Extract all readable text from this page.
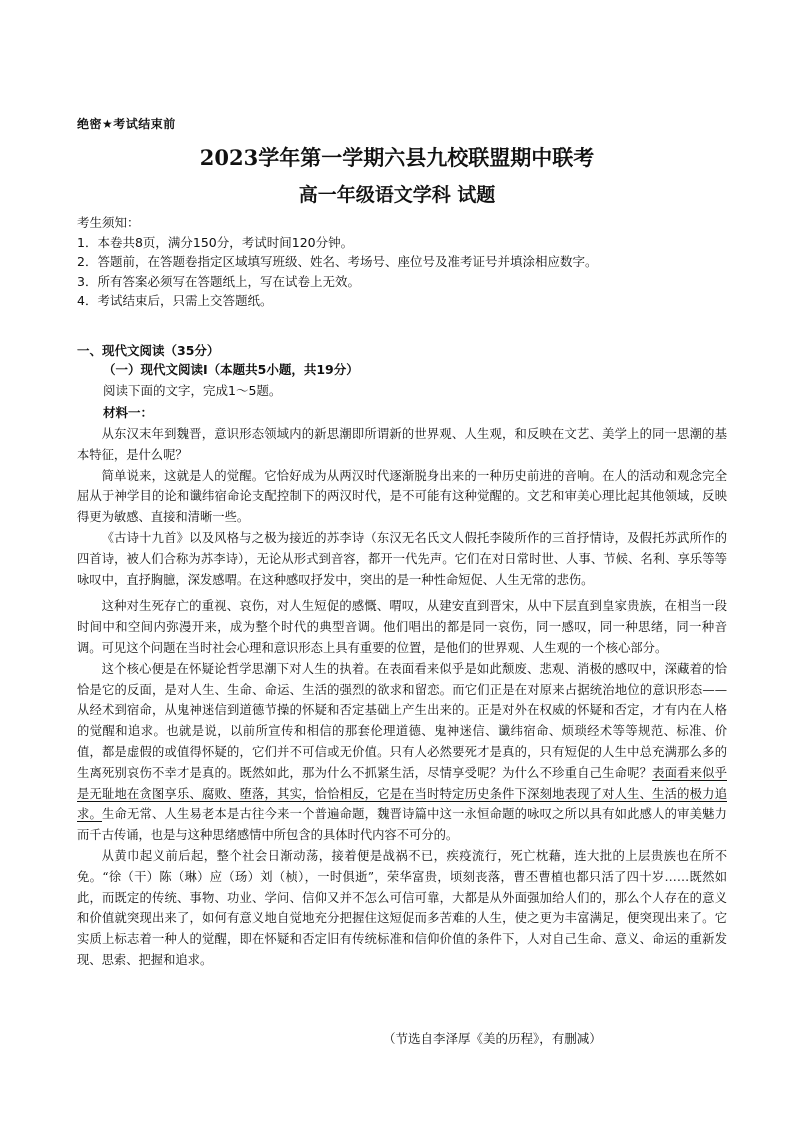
绝密★考试结束前
2023学年第一学期六县九校联盟期中联考
高一年级语文学科 试题
考生须知：
1．本卷共8页，满分150分，考试时间120分钟。
2．答题前，在答题卷指定区域填写班级、姓名、考场号、座位号及准考证号并填涂相应数字。
3．所有答案必须写在答题纸上，写在试卷上无效。
4．考试结束后，只需上交答题纸。
一、现代文阅读（35分）
（一）现代文阅读Ⅰ（本题共5小题，共19分）
阅读下面的文字，完成1～5题。
材料一：

从东汉末年到魏晋，意识形态领域内的新思潮即所谓新的世界观、人生观，和反映在文艺、美学上的同一思潮的基本特征，是什么呢？

简单说来，这就是人的觉醒。它恰好成为从两汉时代逐渐脱身出来的一种历史前进的音响。在人的活动和观念完全屈从于神学目的论和谶纬宿命论支配控制下的两汉时代，是不可能有这种觉醒的。文艺和审美心理比起其他领域，反映得更为敏感、直接和清晰一些。

《古诗十九首》以及风格与之极为接近的苏李诗（东汉无名氏文人假托李陵所作的三首抒情诗，及假托苏武所作的四首诗，被人们合称为苏李诗），无论从形式到音容，都开一代先声。它们在对日常时世、人事、节候、名利、享乐等等咏叹中，直抒胸臆，深发感喟。在这种感叹抒发中，突出的是一种性命短促、人生无常的悲伤。

这种对生死存亡的重视、哀伤，对人生短促的感慨、喟叹，从建安直到晋宋，从中下层直到皇家贵族，在相当一段时间中和空间内弥漫开来，成为整个时代的典型音调。他们唱出的都是同一哀伤，同一感叹，同一种思绪，同一种音调。可见这个问题在当时社会心理和意识形态上具有重要的位置，是他们的世界观、人生观的一个核心部分。

这个核心便是在怀疑论哲学思潮下对人生的执着。在表面看来似乎是如此颓废、悲观、消极的感叹中，深藏着的恰恰是它的反面，是对人生、生命、命运、生活的强烈的欲求和留恋。而它们正是在对原来占据统治地位的意识形态——从经术到宿命，从鬼神迷信到道德节操的怀疑和否定基础上产生出来的。正是对外在权威的怀疑和否定，才有内在人格的觉醒和追求。也就是说，以前所宣传和相信的那套伦理道德、鬼神迷信、谶纬宿命、烦琐经术等等规范、标准、价值，都是虚假的或值得怀疑的，它们并不可信或无价值。只有人必然要死才是真的，只有短促的人生中总充满那么多的生离死别哀伤不幸才是真的。既然如此，那为什么不抓紧生活，尽情享受呢？为什么不珍重自己生命呢？表面看来似乎是无耻地在贪图享乐、腐败、堕落，其实，恰恰相反，它是在当时特定历史条件下深刻地表现了对人生、生活的极力追求。生命无常、人生易老本是古往今来一个普遍命题，魏晋诗篇中这一永恒命题的咏叹之所以具有如此感人的审美魅力而千古传诵，也是与这种思绪感情中所包含的具体时代内容不可分的。

从黄巾起义前后起，整个社会日渐动荡，接着便是战祸不已，疾疫流行，死亡枕藉，连大批的上层贵族也在所不免。“徐（干）陈（琳）应（玚）刘（桢），一时俱逝”，荣华富贵，顷刻丧落，曹丕曹植也都只活了四十岁……既然如此，而既定的传统、事物、功业、学问、信仰又并不怎么可信可靠，大都是从外面强加给人们的，那么个人存在的意义和价值就突现出来了，如何有意义地自觉地充分把握住这短促而多苦难的人生，使之更为丰富满足，便突现出来了。它实质上标志着一种人的觉醒，即在怀疑和否定旧有传统标准和信仰价值的条件下，人对自己生命、意义、命运的重新发现、思索、把握和追求。

（节选自李泽厚《美的历程》，有删减）
